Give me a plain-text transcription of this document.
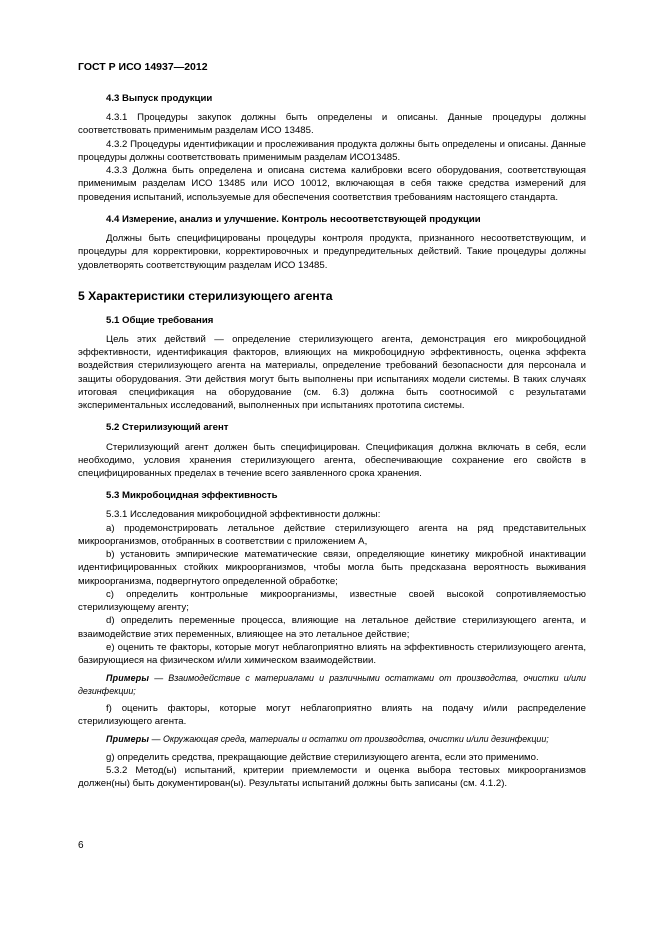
ГОСТ Р ИСО 14937—2012

4.3 Выпуск продукции

4.3.1 Процедуры закупок должны быть определены и описаны. Данные процедуры должны соответствовать применимым разделам ИСО 13485.

4.3.2 Процедуры идентификации и прослеживания продукта должны быть определены и описаны. Данные процедуры должны соответствовать применимым разделам ИСО13485.

4.3.3 Должна быть определена и описана система калибровки всего оборудования, соответствующая применимым разделам ИСО 13485 или ИСО 10012, включающая в себя также средства измерений для проведения испытаний, используемые для обеспечения соответствия требованиям настоящего стандарта.

4.4 Измерение, анализ и улучшение. Контроль несоответствующей продукции

Должны быть специфицированы процедуры контроля продукта, признанного несоответствующим, и процедуры для корректировки, корректировочных и предупредительных действий. Такие процедуры должны удовлетворять соответствующим разделам ИСО 13485.

5 Характеристики стерилизующего агента

5.1 Общие требования

Цель этих действий — определение стерилизующего агента, демонстрация его микробоцидной эффективности, идентификация факторов, влияющих на микробоцидную эффективность, оценка эффекта воздействия стерилизующего агента на материалы, определение требований безопасности для персонала и защиты оборудования. Эти действия могут быть выполнены при испытаниях модели системы. В таких случаях итоговая спецификация на оборудование (см. 6.3) должна быть соотносимой с результатами экспериментальных исследований, выполненных при испытаниях прототипа системы.

5.2 Стерилизующий агент

Стерилизующий агент должен быть специфицирован. Спецификация должна включать в себя, если необходимо, условия хранения стерилизующего агента, обеспечивающие сохранение его свойств в специфицированных пределах в течение всего заявленного срока хранения.

5.3 Микробоцидная эффективность

5.3.1 Исследования микробоцидной эффективности должны:

а) продемонстрировать летальное действие стерилизующего агента на ряд представительных микроорганизмов, отобранных в соответствии с приложением А,

b) установить эмпирические математические связи, определяющие кинетику микробной инактивации идентифицированных стойких микроорганизмов, чтобы могла быть предсказана вероятность выживания микроорганизма, подвергнутого определенной обработке;

с) определить контрольные микроорганизмы, известные своей высокой сопротивляемостью стерилизующему агенту;

d) определить переменные процесса, влияющие на летальное действие стерилизующего агента, и взаимодействие этих переменных, влияющее на это летальное действие;

е) оценить те факторы, которые могут неблагоприятно влиять на эффективность стерилизующего агента, базирующиеся на физическом и/или химическом взаимодействии.

Примеры — Взаимодействие с материалами и различными остатками от производства, очистки и/или дезинфекции;

f) оценить факторы, которые могут неблагоприятно влиять на подачу и/или распределение стерилизующего агента.

Примеры — Окружающая среда, материалы и остатки от производства, очистки и/или дезинфекции;

g) определить средства, прекращающие действие стерилизующего агента, если это применимо.

5.3.2 Метод(ы) испытаний, критерии приемлемости и оценка выбора тестовых микроорганизмов должен(ны) быть документирован(ы). Результаты испытаний должны быть записаны (см. 4.1.2).

6
